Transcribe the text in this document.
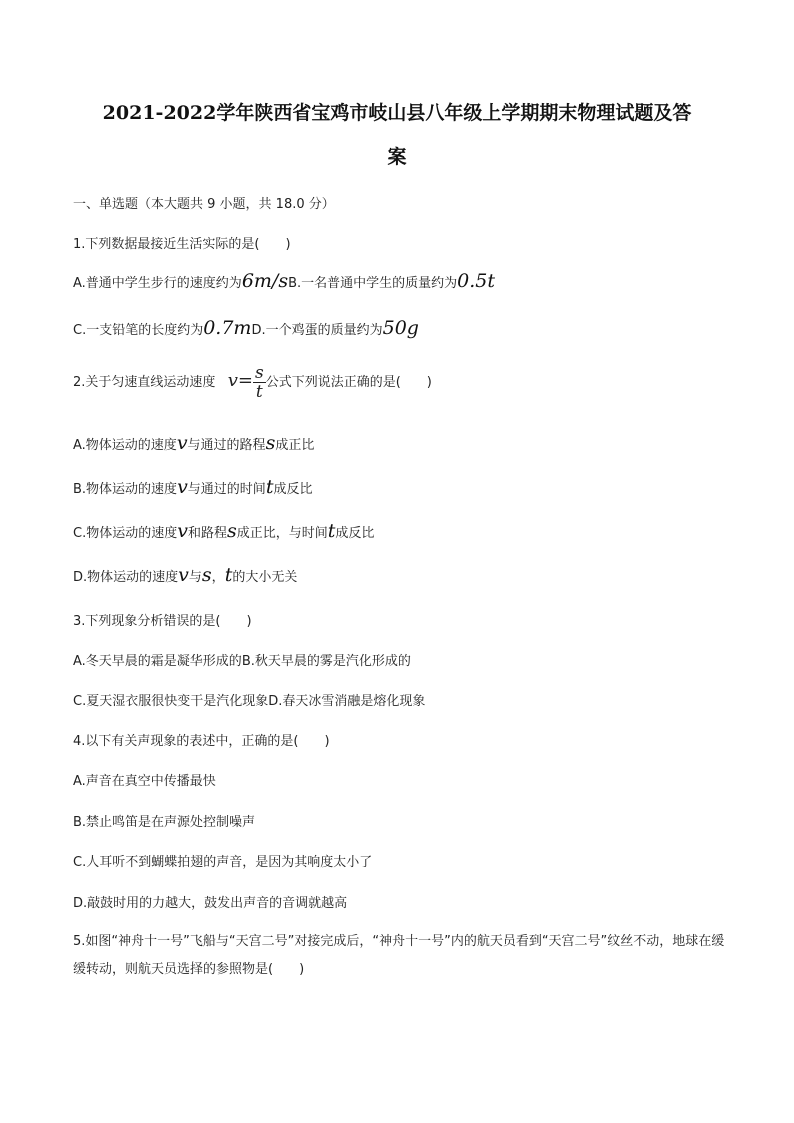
2021-2022学年陕西省宝鸡市岐山县八年级上学期期末物理试题及答
案
一、单选题（本大题共 9 小题，共 18.0 分）
1.下列数据最接近生活实际的是(　　)
A.普通中学生步行的速度约为6m/sB.一名普通中学生的质量约为0.5t
C.一支铅笔的长度约为0.7mD.一个鸡蛋的质量约为50g
2.关于匀速直线运动速度 $v= \frac{s}{t}$ 公式下列说法正确的是(　　)
A.物体运动的速度v与通过的路程s成正比
B.物体运动的速度v与通过的时间t成反比
C.物体运动的速度v和路程s成正比，与时间t成反比
D.物体运动的速度v与s，t的大小无关
3.下列现象分析错误的是(　　)
A.冬天早晨的霜是凝华形成的B.秋天早晨的雾是汽化形成的
C.夏天湿衣服很快变干是汽化现象D.春天冰雪消融是熔化现象
4.以下有关声现象的表述中，正确的是(　　)
A.声音在真空中传播最快
B.禁止鸣笛是在声源处控制噪声
C.人耳听不到蝴蝶拍翅的声音，是因为其响度太小了
D.敲鼓时用的力越大，鼓发出声音的音调就越高
5.如图“神舟十一号”飞船与“天宫二号”对接完成后，“神舟十一号”内的航天员看到“天宫二号”纹丝不动，地球在缓缓转动，则航天员选择的参照物是(　　)
